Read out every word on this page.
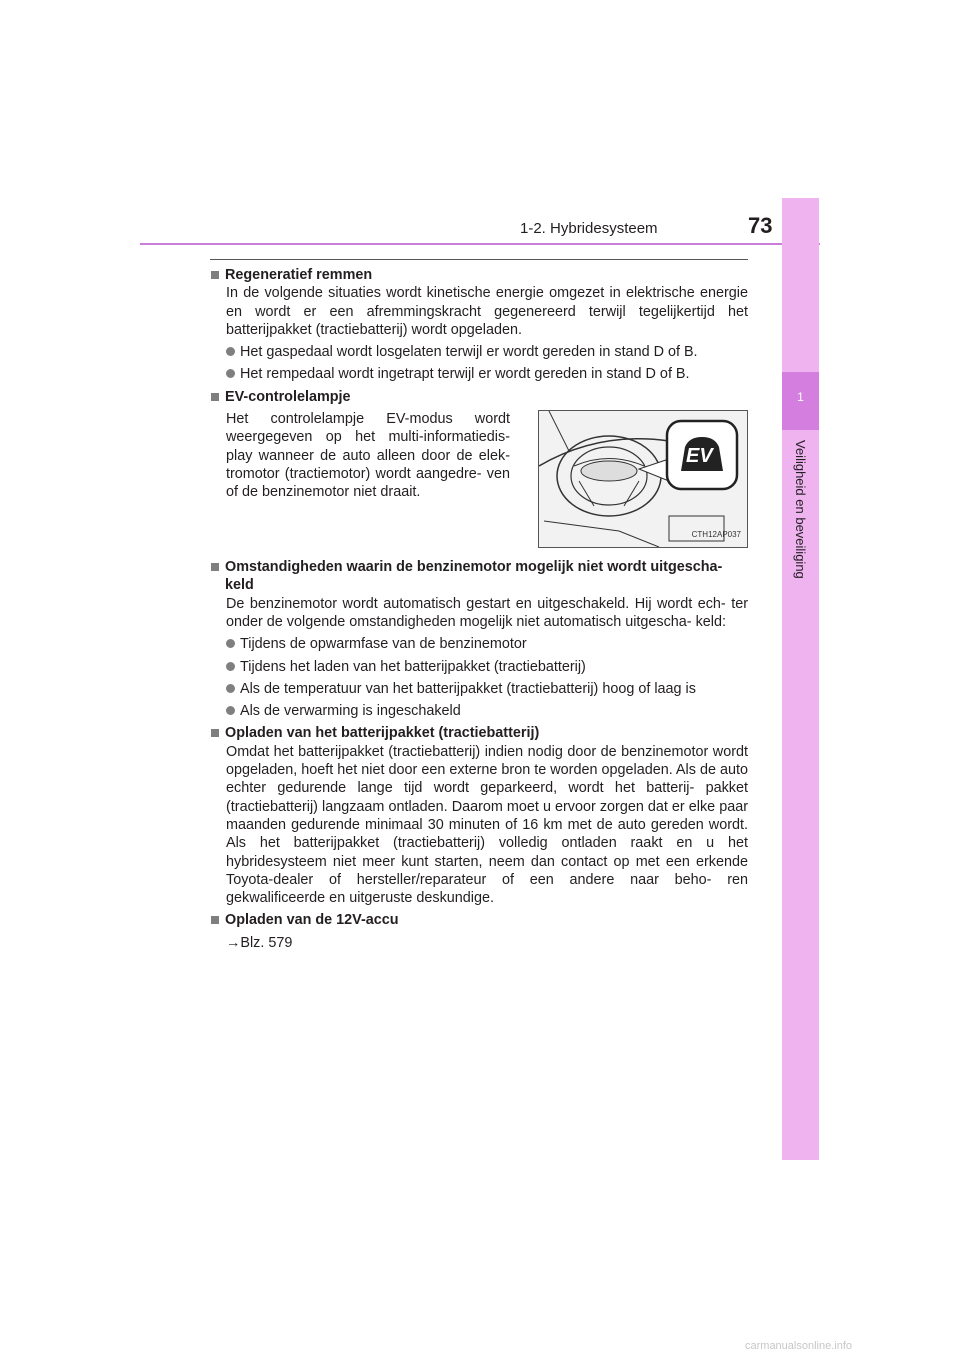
1-2. Hybridesysteem	73
1
Veiligheid en beveiliging
Regeneratief remmen
In de volgende situaties wordt kinetische energie omgezet in elektrische energie en wordt er een afremmingskracht gegenereerd terwijl tegelijkertijd het batterijpakket (tractiebatterij) wordt opgeladen.
Het gaspedaal wordt losgelaten terwijl er wordt gereden in stand D of B.
Het rempedaal wordt ingetrapt terwijl er wordt gereden in stand D of B.
EV-controlelampje
Het controlelampje EV-modus wordt weergegeven op het multi-informatiedis- play wanneer de auto alleen door de elek- tromotor (tractiemotor) wordt aangedre- ven of de benzinemotor niet draait.
EV
CTH12AP037
Omstandigheden waarin de benzinemotor mogelijk niet wordt uitgescha- keld
De benzinemotor wordt automatisch gestart en uitgeschakeld. Hij wordt ech- ter onder de volgende omstandigheden mogelijk niet automatisch uitgescha- keld:
Tijdens de opwarmfase van de benzinemotor
Tijdens het laden van het batterijpakket (tractiebatterij)
Als de temperatuur van het batterijpakket (tractiebatterij) hoog of laag is
Als de verwarming is ingeschakeld
Opladen van het batterijpakket (tractiebatterij)
Omdat het batterijpakket (tractiebatterij) indien nodig door de benzinemotor wordt opgeladen, hoeft het niet door een externe bron te worden opgeladen. Als de auto echter gedurende lange tijd wordt geparkeerd, wordt het batterij- pakket (tractiebatterij) langzaam ontladen. Daarom moet u ervoor zorgen dat er elke paar maanden gedurende minimaal 30 minuten of 16 km met de auto gereden wordt. Als het batterijpakket (tractiebatterij) volledig ontladen raakt en u het hybridesysteem niet meer kunt starten, neem dan contact op met een erkende Toyota-dealer of hersteller/reparateur of een andere naar beho- ren gekwalificeerde en uitgeruste deskundige.
Opladen van de 12V-accu
→Blz. 579
carmanualsonline.info
